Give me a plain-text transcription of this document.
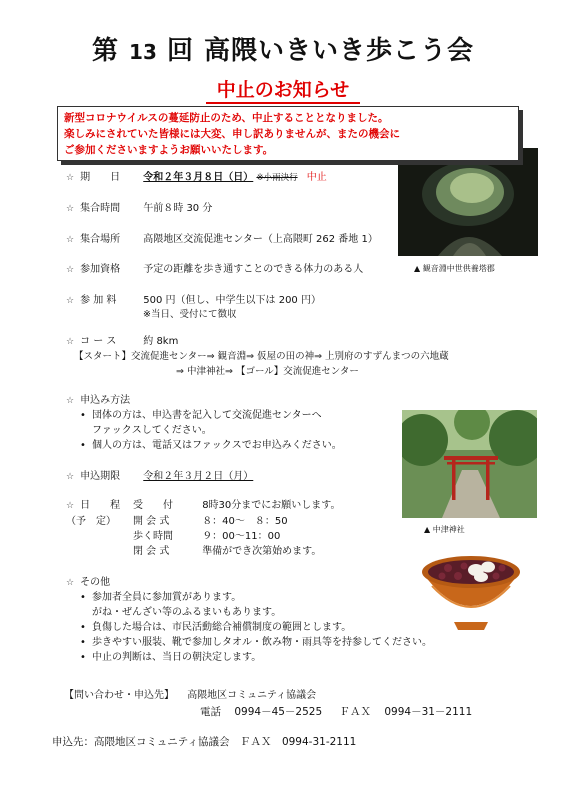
第 13 回 高隈いきいき歩こう会
中止のお知らせ
新型コロナウイルスの蔓延防止のため、中止することとなりました。
楽しみにされていた皆様には大変、申し訳ありませんが、またの機会に
ご参加くださいますようお願いいたします。
☆ 期　　日 令和２年３月８日（日） ※小雨決行 中止
☆ 集合時間 午前８時 30 分
☆ 集合場所 高隈地区交流促進センター（上高隈町 262 番地 1）
☆ 参加資格 予定の距離を歩き通すことのできる体力のある人	▲ 観音淵中世供養塔郡
☆ 参 加 料	500 円（但し、中学生以下は 200 円）
※当日、受付にて徴収
☆ コ ー ス	約 8km
【スタート】交流促進センター⇒ 観音淵⇒ 仮屋の田の神⇒ 上別府のすずんまつの六地蔵
⇒ 中津神社⇒ 【ゴール】交流促進センター
☆ 申込み方法
• 団体の方は、申込書を記入して交流促進センターへ
ファックスしてください。
• 個人の方は、電話又はファックスでお申込みください。
☆ 申込期限 令和２年３月２日（月）
☆ 日　　程
（予　定）
受　　付	8時30分までにお願いします。
開 会 式	８：40～　８：50
歩く時間	９：00～11：00
閉 会 式	準備ができ次第始めます。
▲ 中津神社
☆ その他
• 参加者全員に参加賞があります。
がね・ぜんざい等のふるまいもあります。
• 負傷した場合は、市民活動総合補償制度の範囲とします。
• 歩きやすい服装、靴で参加しタオル・飲み物・雨具等を持参してください。
• 中止の判断は、当日の朝決定します。
【問い合わせ・申込先】 高隈地区コミュニティ協議会
電話 0994－45－2525 ＦＡＸ 0994－31－2111
申込先：高隈地区コミュニティ協議会　ＦＡＸ　0994-31-2111
